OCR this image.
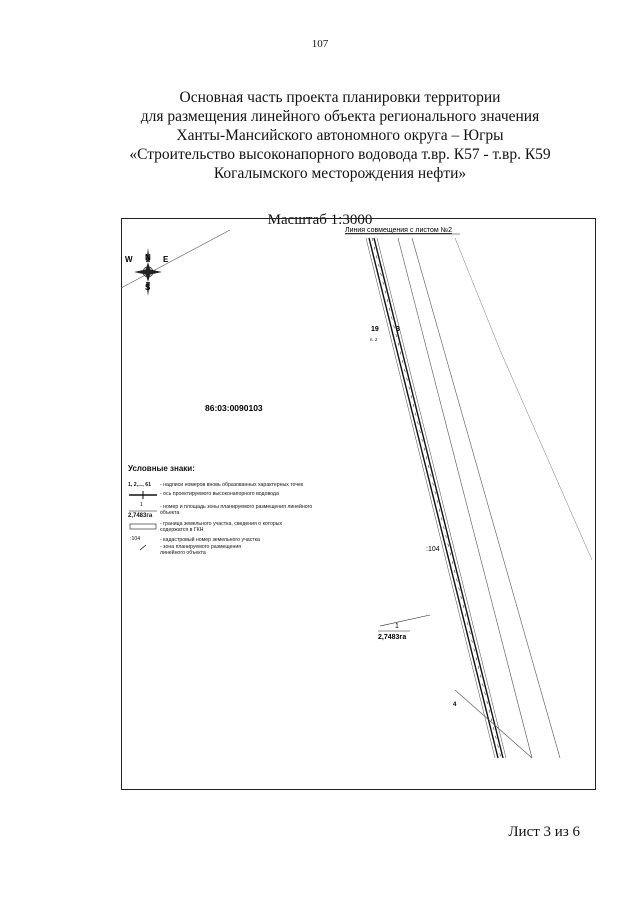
107
Основная часть проекта планировки территории
для размещения линейного объекта регионального значения
Ханты-Мансийского автономного округа – Югры
«Строительство высоконапорного водовода т.вр. К57 - т.вр. К59
Когалымского месторождения нефти»
Масштаб 1:3000
N
S
W	E
Линия совмещения с листом №2
19 3
п. 2
4
86:03:0090103
:104
1
2,7483га
Условные знаки:
1, 2,..., 61 - надписи номеров вновь образованных характерных точек
- ось проектируемого высоконапорного водовода
1
2,7483га
- номер и площадь зоны планируемого размещения линейного объекта
- граница земельного участка, сведения о которых содержатся в ГКН
:104	- кадастровый номер земельного участка
- зона планируемого размещения линейного объекта
Лист 3 из 6
